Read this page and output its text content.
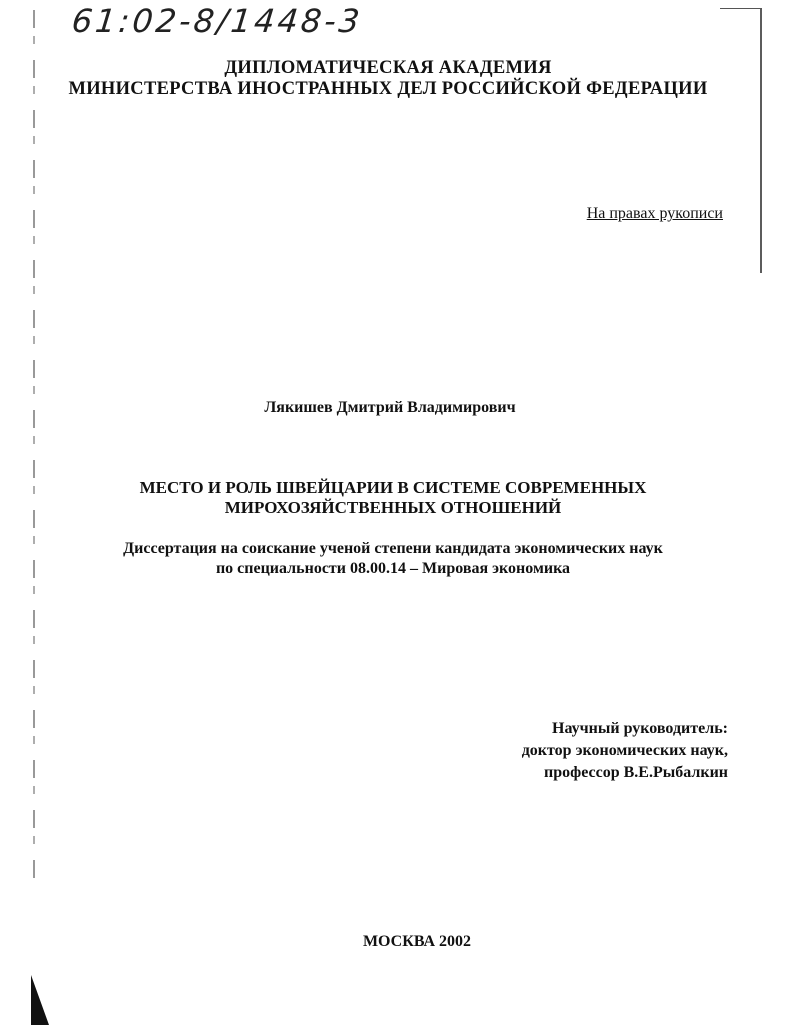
61:02-8/1448-3
ДИПЛОМАТИЧЕСКАЯ АКАДЕМИЯ
МИНИСТЕРСТВА ИНОСТРАННЫХ ДЕЛ РОССИЙСКОЙ ФЕДЕРАЦИИ
На правах рукописи
Лякишев Дмитрий Владимирович
МЕСТО И РОЛЬ ШВЕЙЦАРИИ В СИСТЕМЕ СОВРЕМЕННЫХ
МИРОХОЗЯЙСТВЕННЫХ ОТНОШЕНИЙ
Диссертация на соискание ученой степени кандидата экономических наук
по специальности 08.00.14 – Мировая экономика
Научный руководитель:
доктор экономических наук,
профессор В.Е.Рыбалкин
МОСКВА 2002
